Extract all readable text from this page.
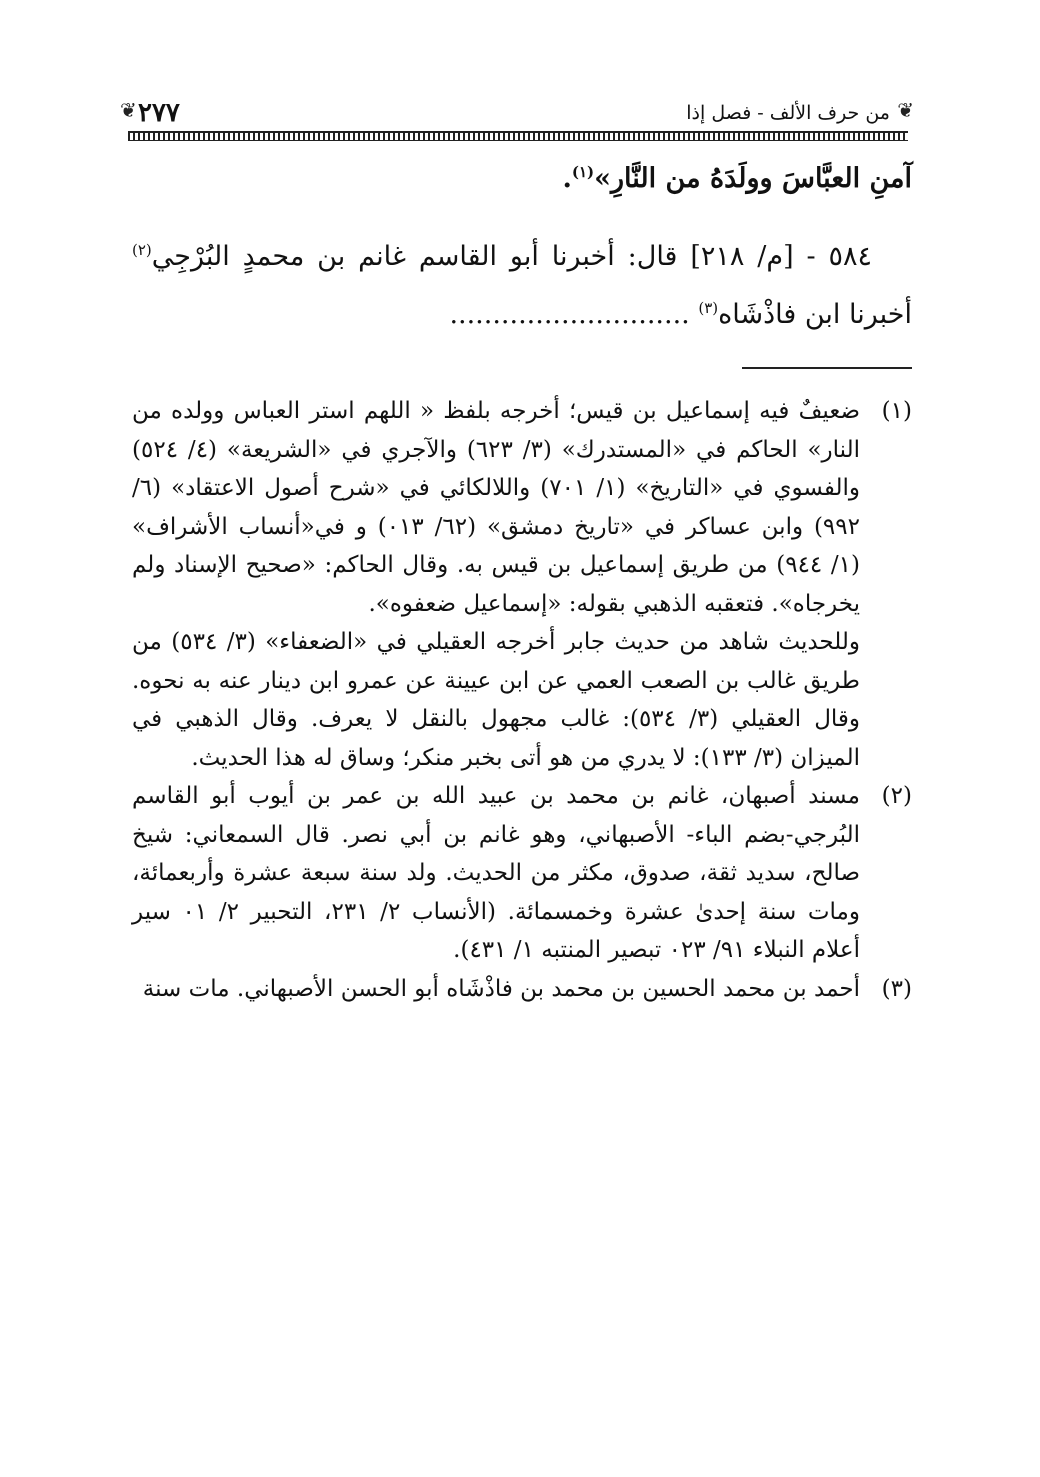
❦
من حرف الألف - فصل إذا
٢٧٧
❦

آمنِ العبَّاسَ وولَدَهُ من النَّارِ»$^{(١)}$.

٥٨٤ - [م/ ٢١٨] قال: أخبرنا أبو القاسم غانم بن محمدٍ البُرْجِي$^{(٢)}$ أخبرنا ابن فاذْشَاه$^{(٣)}$ ............................

(١)
ضعيفٌ فيه إسماعيل بن قيس؛ أخرجه بلفظ « اللهم استر العباس وولده من النار» الحاكم في «المستدرك» (٣/ ٦٢٣) والآجري في «الشريعة» (٤/ ٥٢٤) والفسوي في «التاريخ» (١/ ٧٠١) واللالكائي في «شرح أصول الاعتقاد» (٦/ ٩٩٢) وابن عساكر في «تاريخ دمشق» (٦٢/ ٠١٣) و في«أنساب الأشراف» (١/ ٩٤٤) من طريق إسماعيل بن قيس به. وقال الحاكم: «صحيح الإسناد ولم يخرجاه». فتعقبه الذهبي بقوله: «إسماعيل ضعفوه».
وللحديث شاهد من حديث جابر أخرجه العقيلي في «الضعفاء» (٣/ ٥٣٤) من طريق غالب بن الصعب العمي عن ابن عيينة عن عمرو ابن دينار عنه به نحوه. وقال العقيلي (٣/ ٥٣٤): غالب مجهول بالنقل لا يعرف. وقال الذهبي في الميزان (٣/ ١٣٣): لا يدري من هو أتى بخبر منكر؛ وساق له هذا الحديث.
(٢)
مسند أصبهان، غانم بن محمد بن عبيد الله بن عمر بن أيوب أبو القاسم البُرجي-بضم الباء- الأصبهاني، وهو غانم بن أبي نصر. قال السمعاني: شيخ صالح، سديد ثقة، صدوق، مكثر من الحديث. ولد سنة سبعة عشرة وأربعمائة، ومات سنة إحدىٰ عشرة وخمسمائة. (الأنساب ٢/ ٢٣١، التحبير ٢/ ٠١ سير أعلام النبلاء ٩١/ ٠٢٣ تبصير المنتبه ١/ ٤٣١).
(٣)
أحمد بن محمد الحسين بن محمد بن فاذْشَاه أبو الحسن الأصبهاني. مات سنة
